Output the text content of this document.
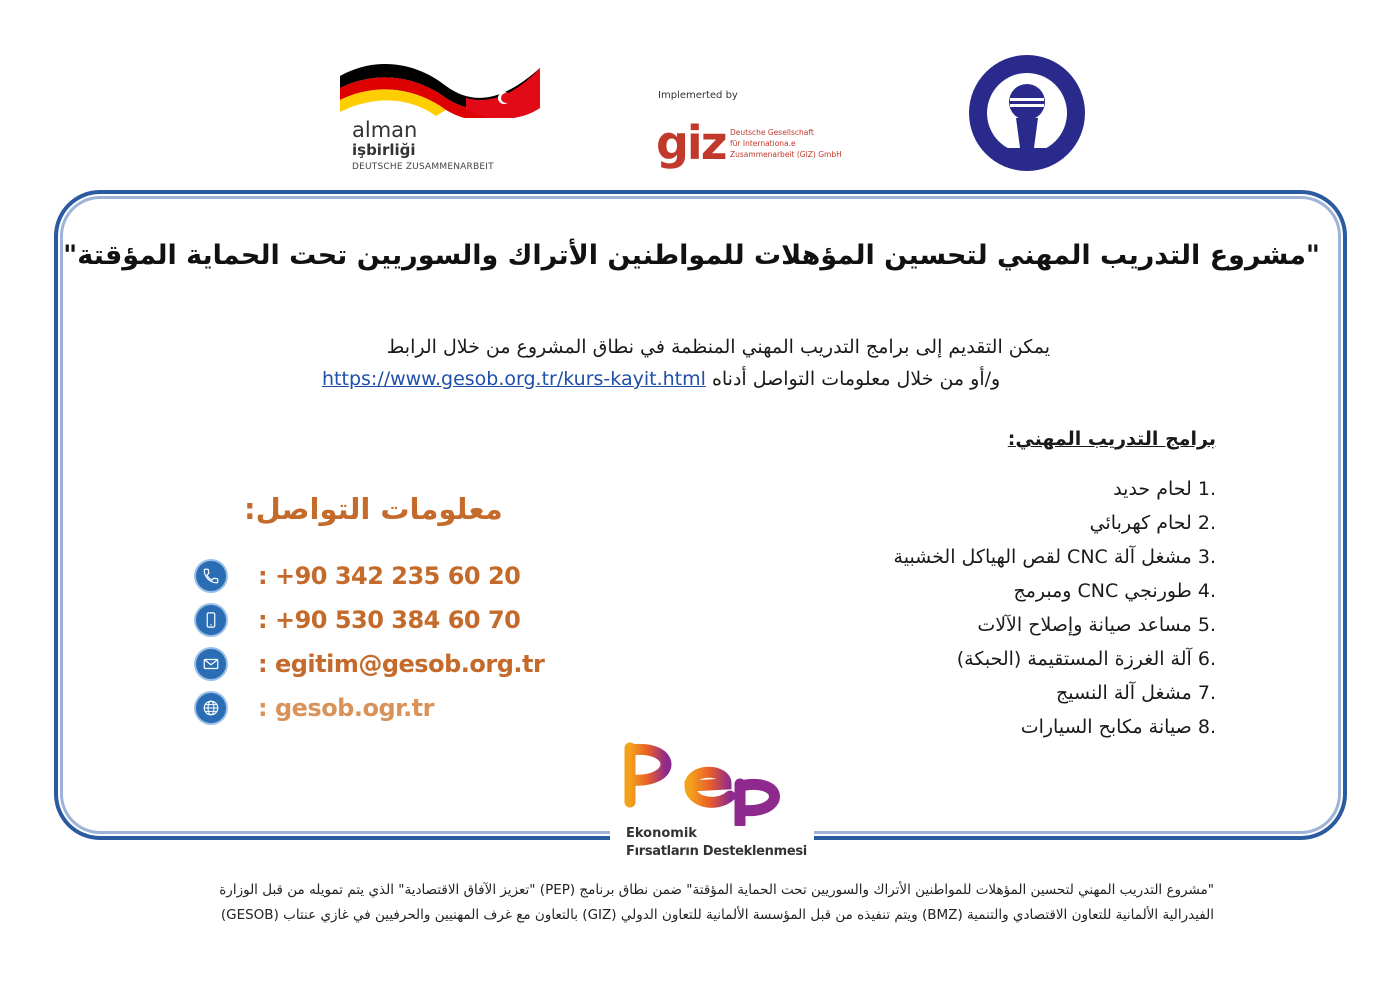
alman
işbirliği
DEUTSCHE ZUSAMMENARBEIT
Implemerted by
giz Deutsche Gesellschaft
für Internationa.e
Zusammenarbeit (GIZ) GmbH
"مشروع التدريب المهني لتحسين المؤهلات للمواطنين الأتراك والسوريين تحت الحماية المؤقتة"
يمكن التقديم إلى برامج التدريب المهني المنظمة في نطاق المشروع من خلال الرابط
https://www.gesob.org.tr/kurs-kayit.html و/أو من خلال معلومات التواصل أدناه
برامج التدريب المهني:
.1 لحام حديد
.2 لحام كهربائي
.3 مشغل آلة CNC لقص الهياكل الخشبية
.4 طورنجي CNC ومبرمج
.5 مساعد صيانة وإصلاح الآلات
.6 آلة الغرزة المستقيمة (الحبكة)
.7 مشغل آلة النسيج
.8 صيانة مكابح السيارات
معلومات التواصل:
: +90 342 235 60 20
: +90 530 384 60 70
: egitim@gesob.org.tr
: gesob.ogr.tr
Ekonomik
Fırsatların Desteklenmesi
"مشروع التدريب المهني لتحسين المؤهلات للمواطنين الأتراك والسوريين تحت الحماية المؤقتة" ضمن نطاق برنامج (PEP) "تعزيز الآفاق الاقتصادية" الذي يتم تمويله من قبل الوزارة
الفيدرالية الألمانية للتعاون الاقتصادي والتنمية (BMZ) ويتم تنفيذه من قبل المؤسسة الألمانية للتعاون الدولي (GIZ) بالتعاون مع غرف المهنيين والحرفيين في غازي عنتاب (GESOB)
